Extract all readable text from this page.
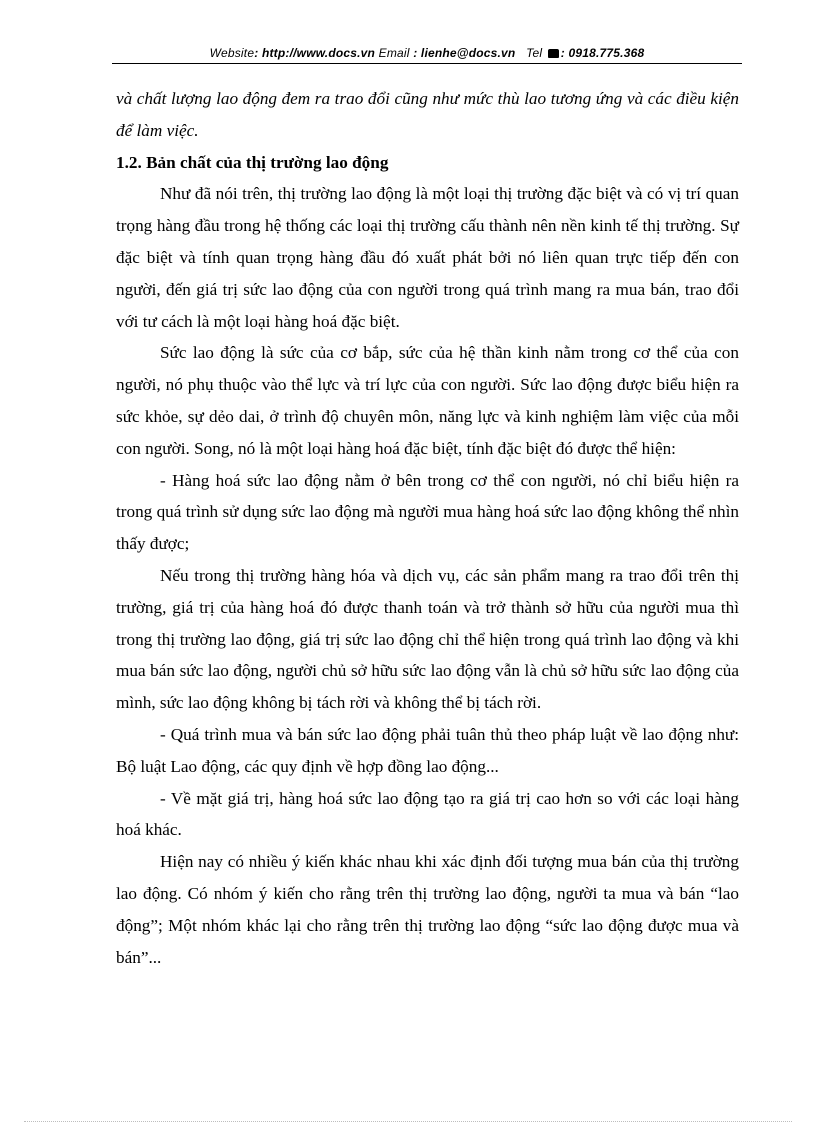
Website: http://www.docs.vn Email : lienhe@docs.vn Tel : 0918.775.368

và chất lượng lao động đem ra trao đổi cũng như mức thù lao tương ứng và các điều kiện để làm việc.

1.2. Bản chất của thị trường lao động

Như đã nói trên, thị trường lao động là một loại thị trường đặc biệt và có vị trí quan trọng hàng đầu trong hệ thống các loại thị trường cấu thành nên nền kinh tế thị trường. Sự đặc biệt và tính quan trọng hàng đầu đó xuất phát bởi nó liên quan trực tiếp đến con người, đến giá trị sức lao động của con người trong quá trình mang ra mua bán, trao đổi với tư cách là một loại hàng hoá đặc biệt.

Sức lao động là sức của cơ bắp, sức của hệ thần kinh nằm trong cơ thể của con người, nó phụ thuộc vào thể lực và trí lực của con người. Sức lao động được biểu hiện ra sức khỏe, sự dẻo dai, ở trình độ chuyên môn, năng lực và kinh nghiệm làm việc của mỗi con người. Song, nó là một loại hàng hoá đặc biệt, tính đặc biệt đó được thể hiện:

- Hàng hoá sức lao động nằm ở bên trong cơ thể con người, nó chỉ biểu hiện ra trong quá trình sử dụng sức lao động mà người mua hàng hoá sức lao động không thể nhìn thấy được;

Nếu trong thị trường hàng hóa và dịch vụ, các sản phẩm mang ra trao đổi trên thị trường, giá trị của hàng hoá đó được thanh toán và trở thành sở hữu của người mua thì trong thị trường lao động, giá trị sức lao động chỉ thể hiện trong quá trình lao động và khi mua bán sức lao động, người chủ sở hữu sức lao động vẫn là chủ sở hữu sức lao động của mình, sức lao động không bị tách rời và không thể bị tách rời.

- Quá trình mua và bán sức lao động phải tuân thủ theo pháp luật về lao động như: Bộ luật Lao động, các quy định về hợp đồng lao động...

- Về mặt giá trị, hàng hoá sức lao động tạo ra giá trị cao hơn so với các loại hàng hoá khác.

Hiện nay có nhiều ý kiến khác nhau khi xác định đối tượng mua bán của thị trường lao động. Có nhóm ý kiến cho rằng trên thị trường lao động, người ta mua và bán “lao động”; Một nhóm khác lại cho rằng trên thị trường lao động “sức lao động được mua và bán”...
